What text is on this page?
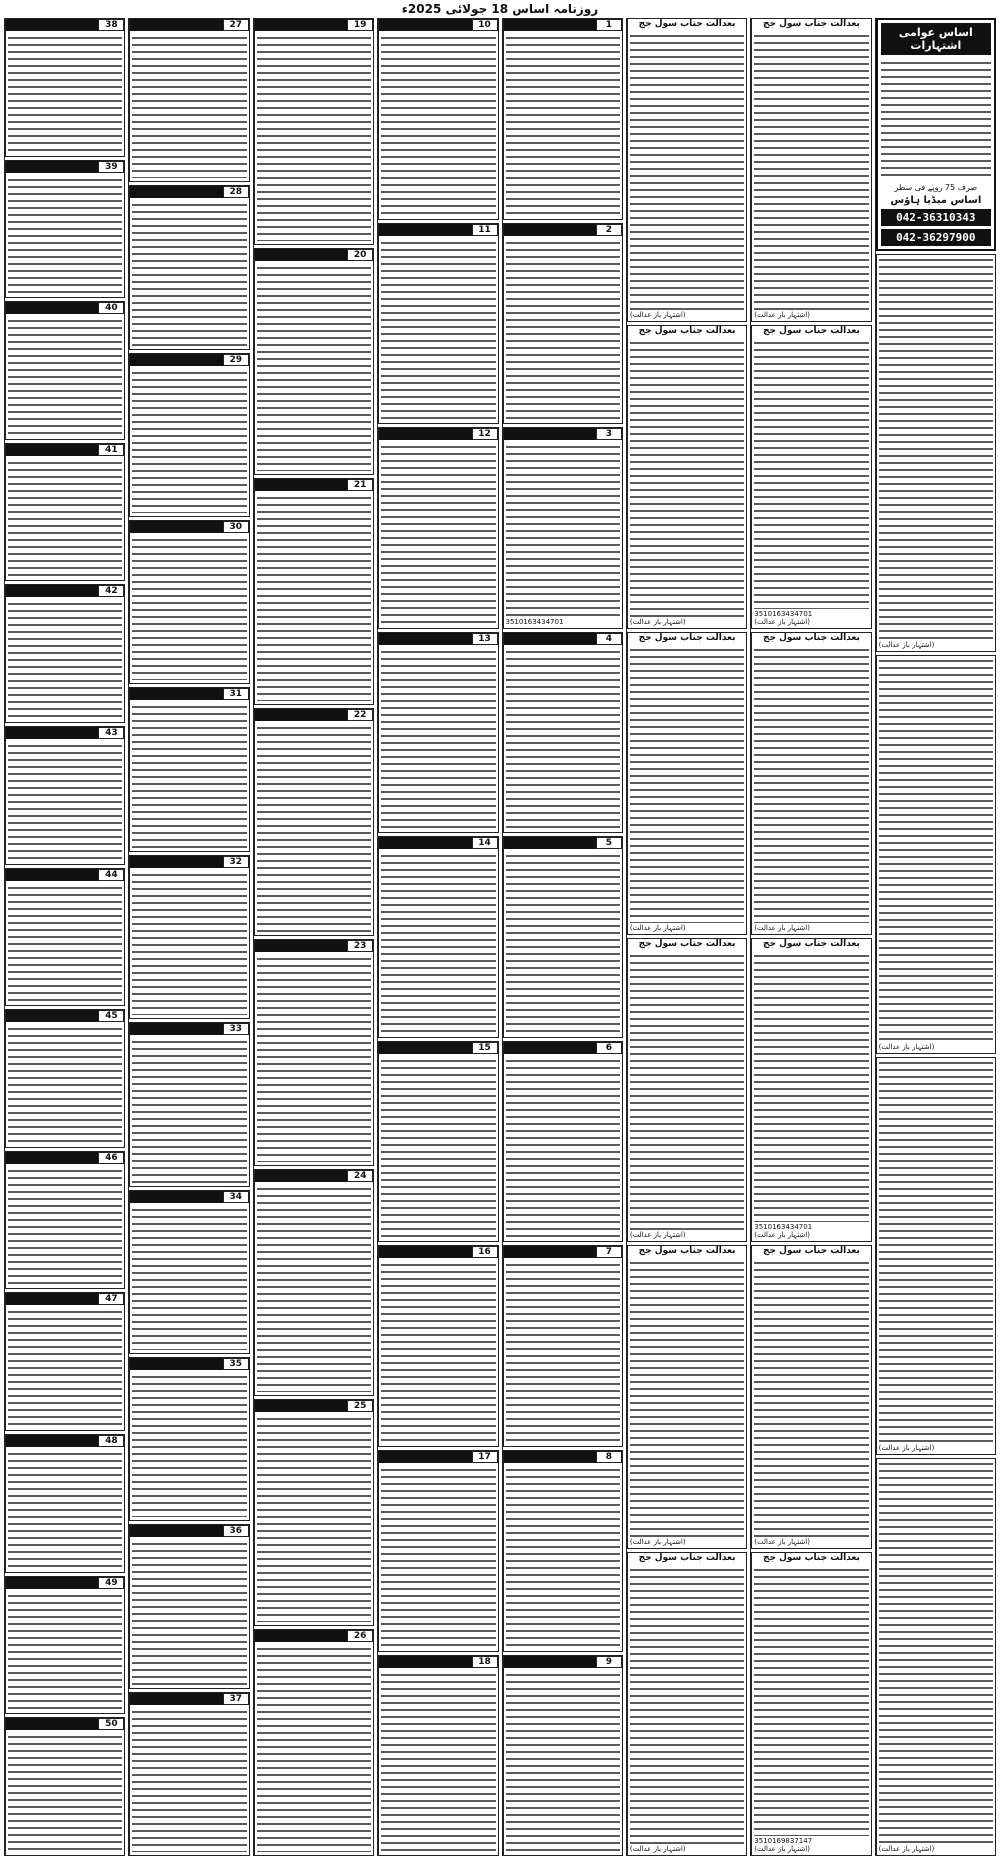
روزنامہ اساس 18 جولائی 2025ء
اساس عوامی اشتہارات
صرف 75 روپے فی سطر
اساس میڈیا ہاؤس
042-36310343
042-36297900
(اشتہار باز عدالت)
(اشتہار باز عدالت)
(اشتہار باز عدالت)
(اشتہار باز عدالت)
بعدالت جناب سول جج
(اشتہار باز عدالت)
بعدالت جناب سول جج
3510163434701
(اشتہار باز عدالت)
بعدالت جناب سول جج
(اشتہار باز عدالت)
بعدالت جناب سول جج
3510163434701
(اشتہار باز عدالت)
بعدالت جناب سول جج
(اشتہار باز عدالت)
بعدالت جناب سول جج
3510169837147
(اشتہار باز عدالت)
بعدالت جناب سول جج
(اشتہار باز عدالت)
بعدالت جناب سول جج
(اشتہار باز عدالت)
بعدالت جناب سول جج
(اشتہار باز عدالت)
بعدالت جناب سول جج
(اشتہار باز عدالت)
بعدالت جناب سول جج
(اشتہار باز عدالت)
بعدالت جناب سول جج
(اشتہار باز عدالت)
1
2
3
3510163434701
4
5
6
7
8
9
10
11
12
13
14
15
16
17
18
19
20
21
22
23
24
25
26
27
28
29
30
31
32
33
34
35
36
37
38
39
40
41
42
43
44
45
46
47
48
49
50
